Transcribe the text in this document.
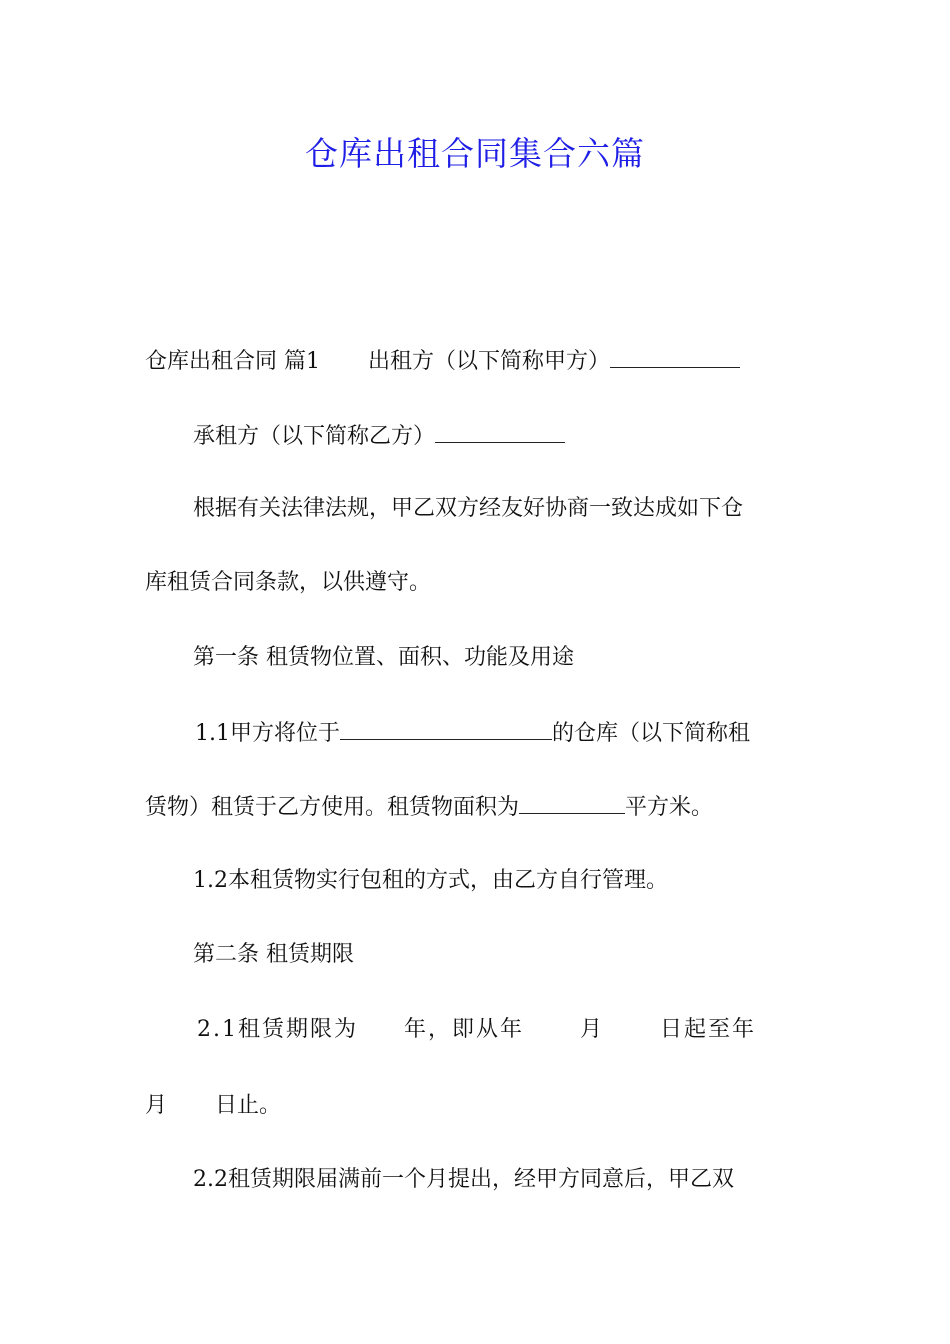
仓库出租合同集合六篇
仓库出租合同 篇1 出租方（以下简称甲方）
承租方（以下简称乙方）
根据有关法律法规，甲乙双方经友好协商一致达成如下仓
库租赁合同条款，以供遵守。
第一条 租赁物位置、面积、功能及用途
1.1甲方将位于	的仓库（以下简称租
赁物）租赁于乙方使用。租赁物面积为	平方米。
1.2本租赁物实行包租的方式，由乙方自行管理。
第二条 租赁期限
2.1租赁期限为 年，即从年	月	日起至年
月 日止。
2.2租赁期限届满前一个月提出，经甲方同意后，甲乙双
